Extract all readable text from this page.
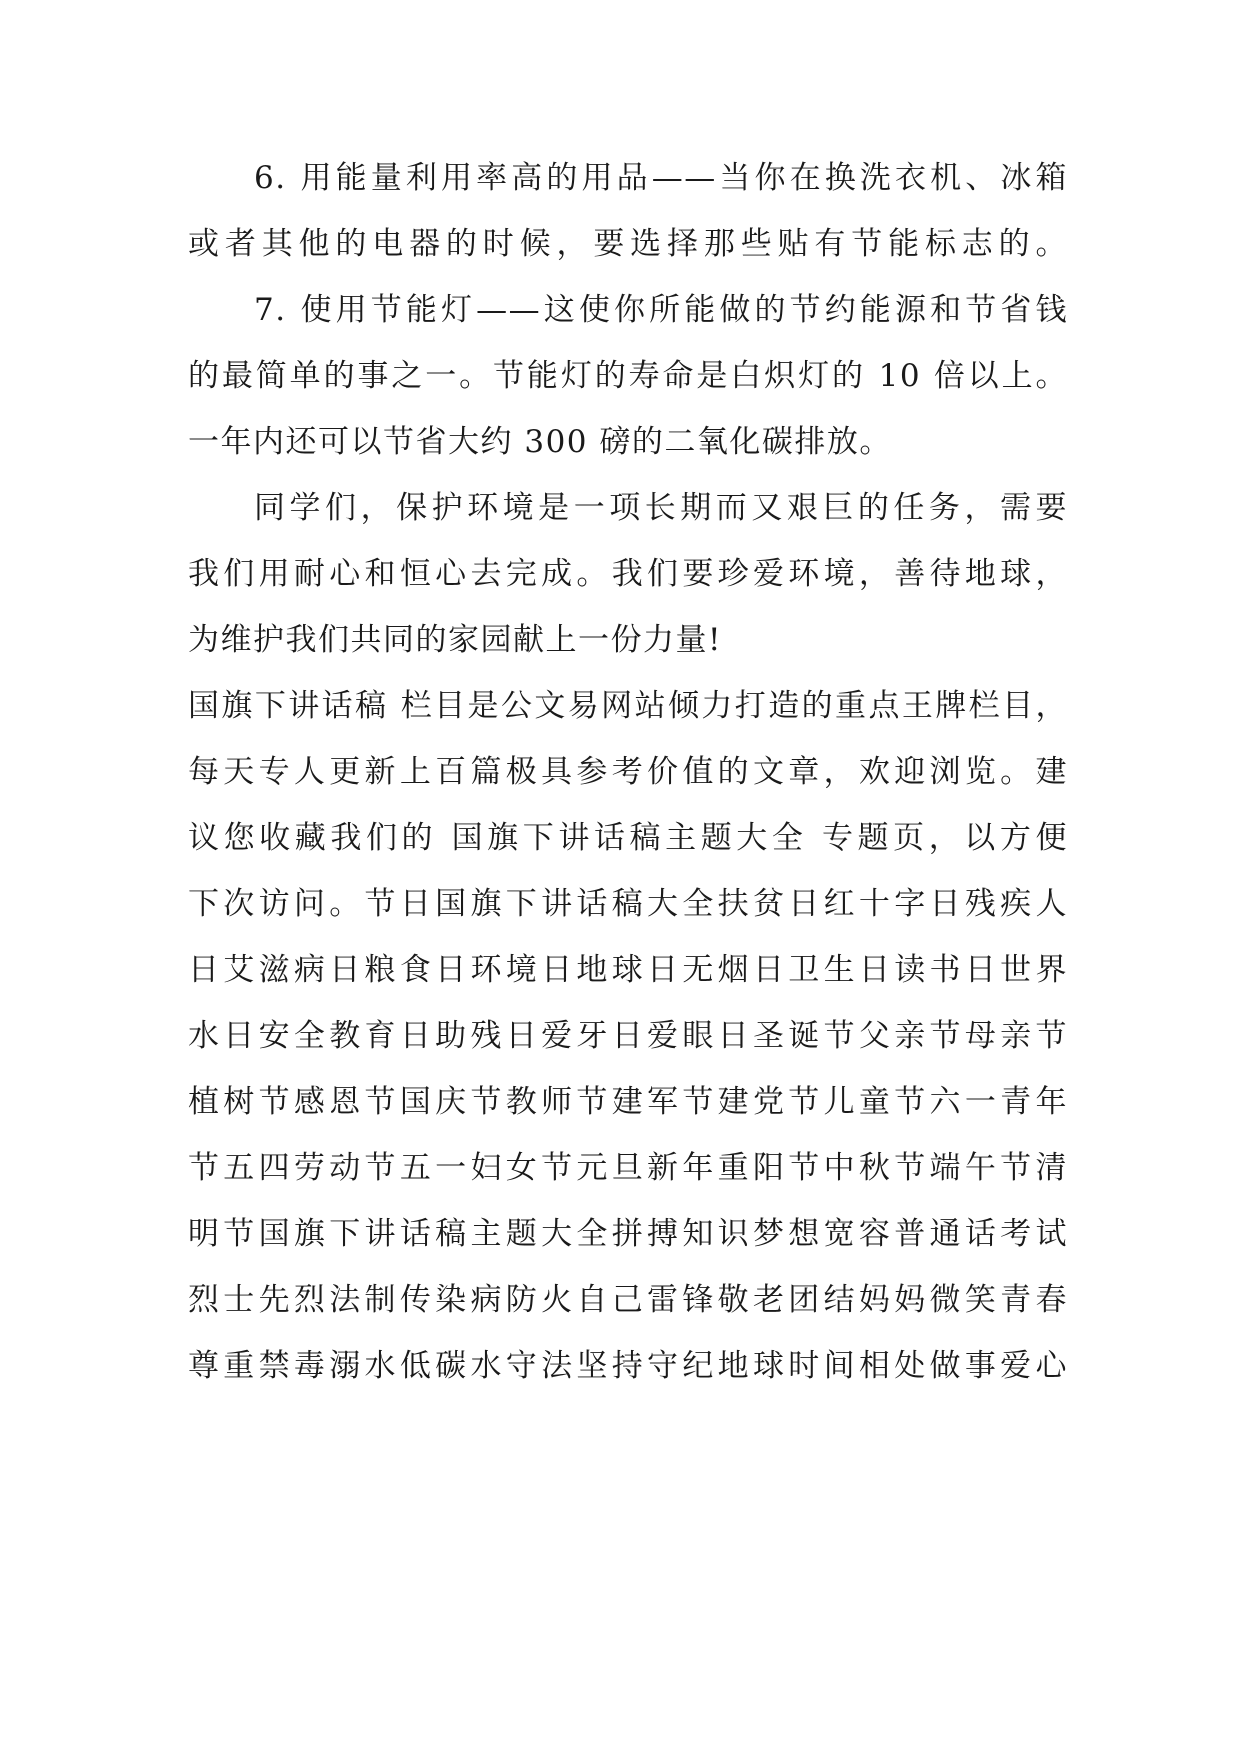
6. 用能量利用率高的用品——当你在换洗衣机、冰箱
或者其他的电器的时候，要选择那些贴有节能标志的。
7. 使用节能灯——这使你所能做的节约能源和节省钱
的最简单的事之一。节能灯的寿命是白炽灯的 10 倍以上。
一年内还可以节省大约 300 磅的二氧化碳排放。
同学们，保护环境是一项长期而又艰巨的任务，需要
我们用耐心和恒心去完成。我们要珍爱环境，善待地球，
为维护我们共同的家园献上一份力量!
国旗下讲话稿 栏目是公文易网站倾力打造的重点王牌栏目，
每天专人更新上百篇极具参考价值的文章，欢迎浏览。建
议您收藏我们的 国旗下讲话稿主题大全 专题页，以方便
下次访问。节日国旗下讲话稿大全扶贫日红十字日残疾人
日艾滋病日粮食日环境日地球日无烟日卫生日读书日世界
水日安全教育日助残日爱牙日爱眼日圣诞节父亲节母亲节
植树节感恩节国庆节教师节建军节建党节儿童节六一青年
节五四劳动节五一妇女节元旦新年重阳节中秋节端午节清
明节国旗下讲话稿主题大全拼搏知识梦想宽容普通话考试
烈士先烈法制传染病防火自己雷锋敬老团结妈妈微笑青春
尊重禁毒溺水低碳水守法坚持守纪地球时间相处做事爱心
